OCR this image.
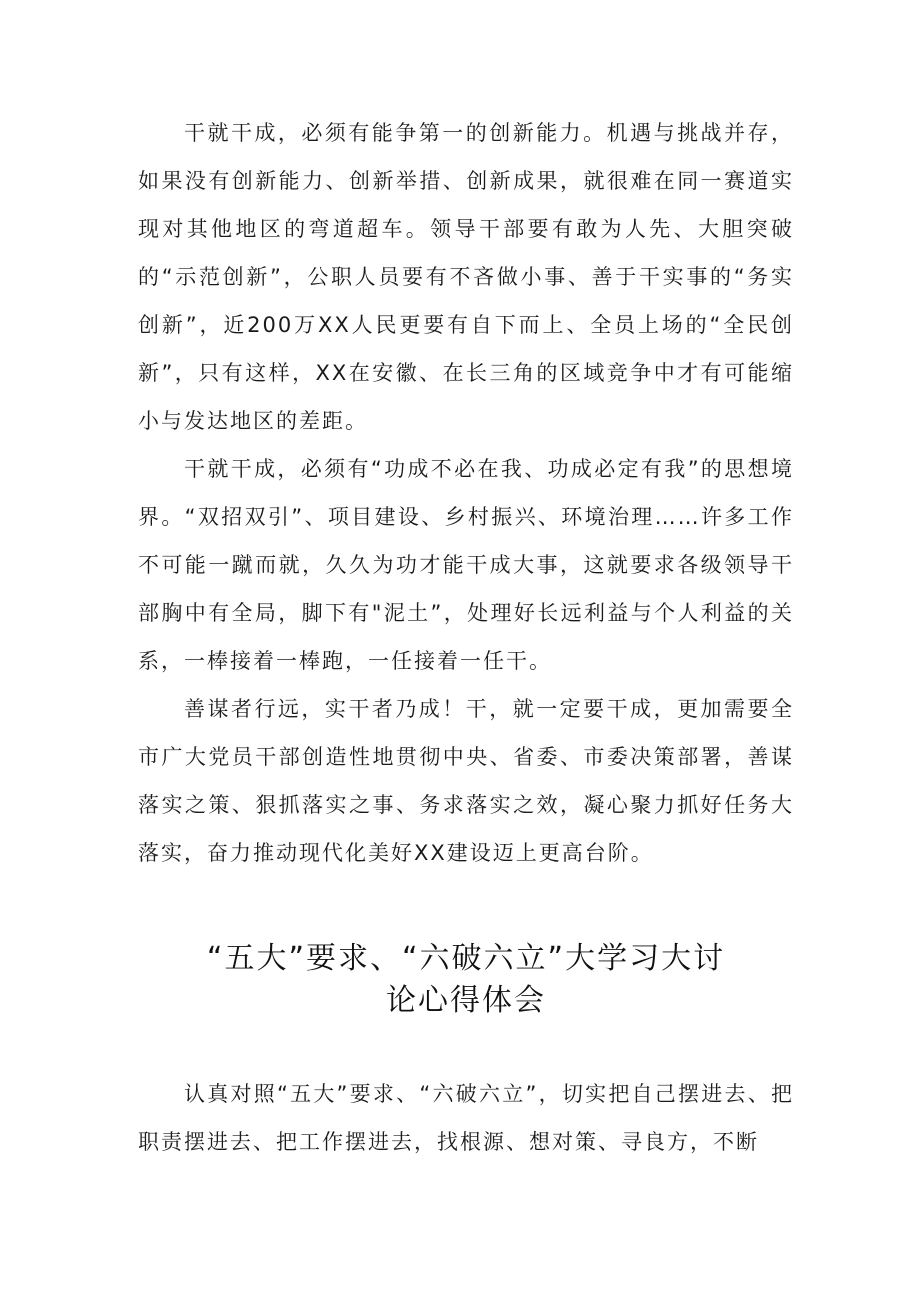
干就干成，必须有能争第一的创新能力。机遇与挑战并存，如果没有创新能力、创新举措、创新成果，就很难在同一赛道实现对其他地区的弯道超车。领导干部要有敢为人先、大胆突破的“示范创新”，公职人员要有不吝做小事、善于干实事的“务实创新”，近200万XX人民更要有自下而上、全员上场的“全民创新”，只有这样，XX在安徽、在长三角的区域竞争中才有可能缩小与发达地区的差距。

干就干成，必须有“功成不必在我、功成必定有我”的思想境界。“双招双引”、项目建设、乡村振兴、环境治理……许多工作不可能一蹴而就，久久为功才能干成大事，这就要求各级领导干部胸中有全局，脚下有"泥土”，处理好长远利益与个人利益的关系，一棒接着一棒跑，一任接着一任干。

善谋者行远，实干者乃成！干，就一定要干成，更加需要全市广大党员干部创造性地贯彻中央、省委、市委决策部署，善谋落实之策、狠抓落实之事、务求落实之效，凝心聚力抓好任务大落实，奋力推动现代化美好XX建设迈上更高台阶。

“五大”要求、“六破六立”大学习大讨
论心得体会

认真对照“五大”要求、“六破六立”，切实把自己摆进去、把职责摆进去、把工作摆进去，找根源、想对策、寻良方，不断
